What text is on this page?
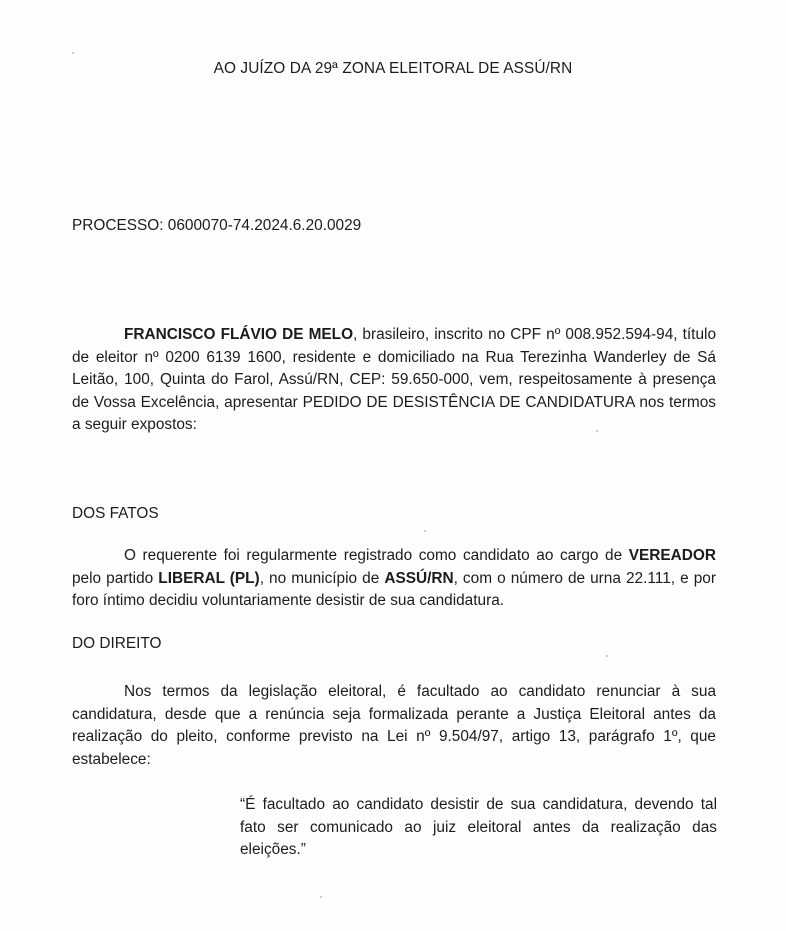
AO JUÍZO DA 29ª ZONA ELEITORAL DE ASSÚ/RN
PROCESSO: 0600070-74.2024.6.20.0029
FRANCISCO FLÁVIO DE MELO, brasileiro, inscrito no CPF nº 008.952.594-94, título de eleitor nº 0200 6139 1600, residente e domiciliado na Rua Terezinha Wanderley de Sá Leitão, 100, Quinta do Farol, Assú/RN, CEP: 59.650-000, vem, respeitosamente à presença de Vossa Excelência, apresentar PEDIDO DE DESISTÊNCIA DE CANDIDATURA nos termos a seguir expostos:
DOS FATOS
O requerente foi regularmente registrado como candidato ao cargo de VEREADOR pelo partido LIBERAL (PL), no município de ASSÚ/RN, com o número de urna 22.111, e por foro íntimo decidiu voluntariamente desistir de sua candidatura.
DO DIREITO
Nos termos da legislação eleitoral, é facultado ao candidato renunciar à sua candidatura, desde que a renúncia seja formalizada perante a Justiça Eleitoral antes da realização do pleito, conforme previsto na Lei nº 9.504/97, artigo 13, parágrafo 1º, que estabelece:
“É facultado ao candidato desistir de sua candidatura, devendo tal fato ser comunicado ao juiz eleitoral antes da realização das eleições.”
